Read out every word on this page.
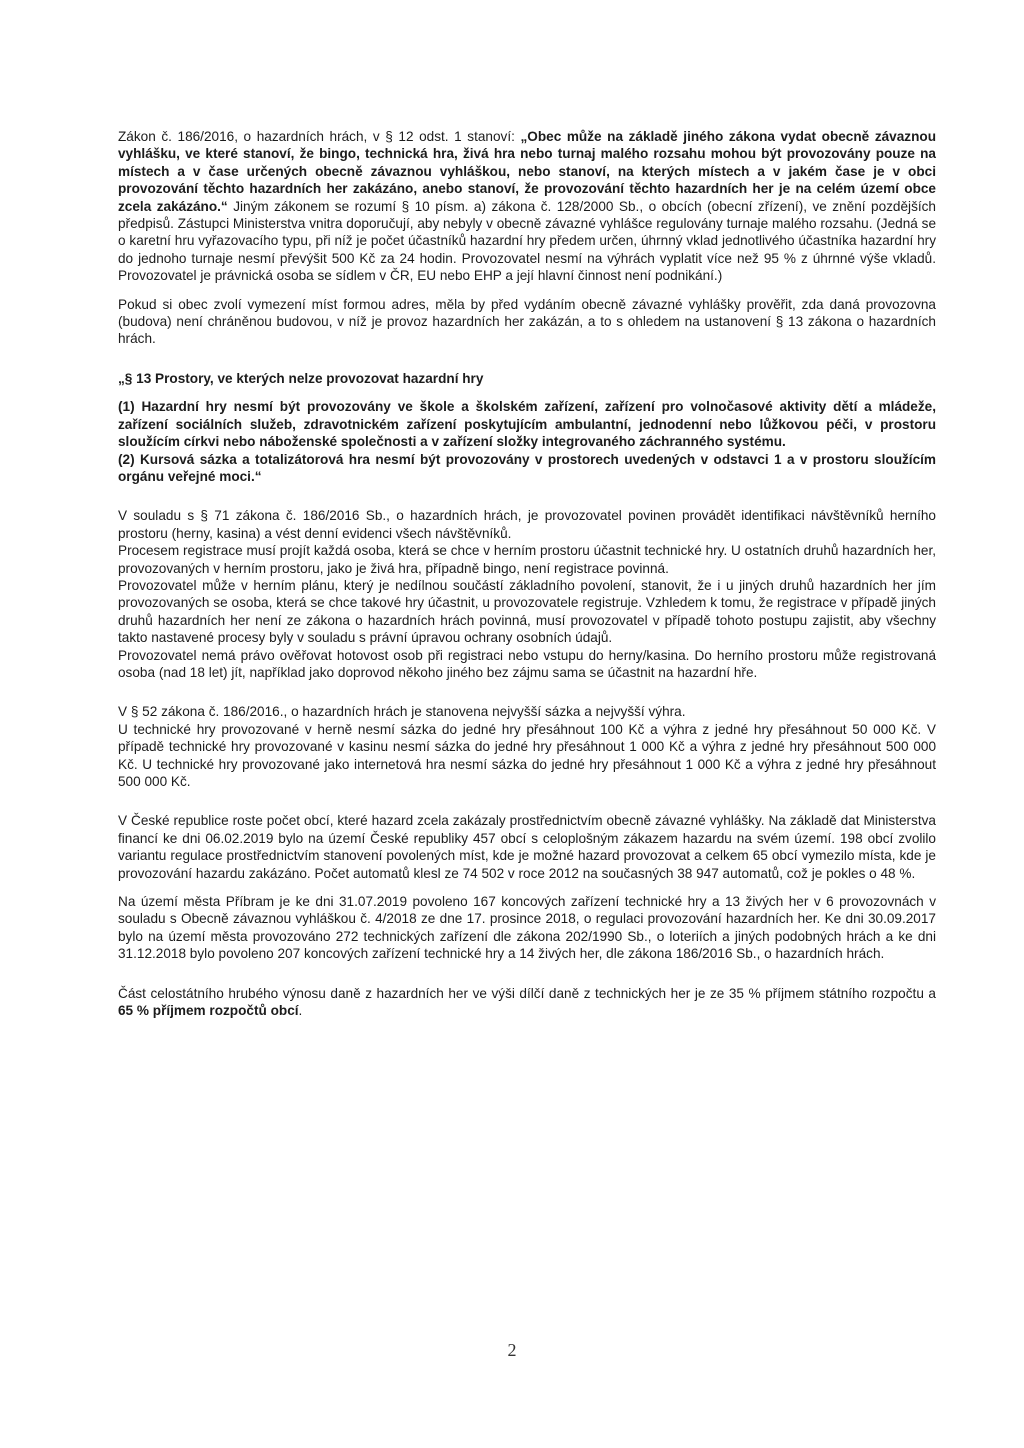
Zákon č. 186/2016, o hazardních hrách, v § 12 odst. 1 stanoví: „Obec může na základě jiného zákona vydat obecně závaznou vyhlášku, ve které stanoví, že bingo, technická hra, živá hra nebo turnaj malého rozsahu mohou být provozovány pouze na místech a v čase určených obecně závaznou vyhláškou, nebo stanoví, na kterých místech a v jakém čase je v obci provozování těchto hazardních her zakázáno, anebo stanoví, že provozování těchto hazardních her je na celém území obce zcela zakázáno.“ Jiným zákonem se rozumí § 10 písm. a) zákona č. 128/2000 Sb., o obcích (obecní zřízení), ve znění pozdějších předpisů. Zástupci Ministerstva vnitra doporučují, aby nebyly v obecně závazné vyhlášce regulovány turnaje malého rozsahu. (Jedná se o karetní hru vyřazovacího typu, při níž je počet účastníků hazardní hry předem určen, úhrnný vklad jednotlivého účastníka hazardní hry do jednoho turnaje nesmí převýšit 500 Kč za 24 hodin. Provozovatel nesmí na výhrách vyplatit více než 95 % z úhrnné výše vkladů. Provozovatel je právnická osoba se sídlem v ČR, EU nebo EHP a její hlavní činnost není podnikání.)

Pokud si obec zvolí vymezení míst formou adres, měla by před vydáním obecně závazné vyhlášky prověřit, zda daná provozovna (budova) není chráněnou budovou, v níž je provoz hazardních her zakázán, a to s ohledem na ustanovení § 13 zákona o hazardních hrách.

„§ 13 Prostory, ve kterých nelze provozovat hazardní hry

(1) Hazardní hry nesmí být provozovány ve škole a školském zařízení, zařízení pro volnočasové aktivity dětí a mládeže, zařízení sociálních služeb, zdravotnickém zařízení poskytujícím ambulantní, jednodenní nebo lůžkovou péči, v prostoru sloužícím církvi nebo náboženské společnosti a v zařízení složky integrovaného záchranného systému.

(2) Kursová sázka a totalizátorová hra nesmí být provozovány v prostorech uvedených v odstavci 1 a v prostoru sloužícím orgánu veřejné moci.“

V souladu s § 71 zákona č. 186/2016 Sb., o hazardních hrách, je provozovatel povinen provádět identifikaci návštěvníků herního prostoru (herny, kasina) a vést denní evidenci všech návštěvníků.

Procesem registrace musí projít každá osoba, která se chce v herním prostoru účastnit technické hry. U ostatních druhů hazardních her, provozovaných v herním prostoru, jako je živá hra, případně bingo, není registrace povinná.

Provozovatel může v herním plánu, který je nedílnou součástí základního povolení, stanovit, že i u jiných druhů hazardních her jím provozovaných se osoba, která se chce takové hry účastnit, u provozovatele registruje. Vzhledem k tomu, že registrace v případě jiných druhů hazardních her není ze zákona o hazardních hrách povinná, musí provozovatel v případě tohoto postupu zajistit, aby všechny takto nastavené procesy byly v souladu s právní úpravou ochrany osobních údajů.

Provozovatel nemá právo ověřovat hotovost osob při registraci nebo vstupu do herny/kasina. Do herního prostoru může registrovaná osoba (nad 18 let) jít, například jako doprovod někoho jiného bez zájmu sama se účastnit na hazardní hře.

V § 52 zákona č. 186/2016., o hazardních hrách je stanovena nejvyšší sázka a nejvyšší výhra.

U technické hry provozované v herně nesmí sázka do jedné hry přesáhnout 100 Kč a výhra z jedné hry přesáhnout 50 000 Kč. V případě technické hry provozované v kasinu nesmí sázka do jedné hry přesáhnout 1 000 Kč a výhra z jedné hry přesáhnout 500 000 Kč. U technické hry provozované jako internetová hra nesmí sázka do jedné hry přesáhnout 1 000 Kč a výhra z jedné hry přesáhnout 500 000 Kč.

V České republice roste počet obcí, které hazard zcela zakázaly prostřednictvím obecně závazné vyhlášky. Na základě dat Ministerstva financí ke dni 06.02.2019 bylo na území České republiky 457 obcí s celoplošným zákazem hazardu na svém území. 198 obcí zvolilo variantu regulace prostřednictvím stanovení povolených míst, kde je možné hazard provozovat a celkem 65 obcí vymezilo místa, kde je provozování hazardu zakázáno. Počet automatů klesl ze 74 502 v roce 2012 na současných 38 947 automatů, což je pokles o 48 %.

Na území města Příbram je ke dni 31.07.2019 povoleno 167 koncových zařízení technické hry a 13 živých her v 6 provozovnách v souladu s Obecně závaznou vyhláškou č. 4/2018 ze dne 17. prosince 2018, o regulaci provozování hazardních her. Ke dni 30.09.2017 bylo na území města provozováno 272 technických zařízení dle zákona 202/1990 Sb., o loteriích a jiných podobných hrách a ke dni 31.12.2018 bylo povoleno 207 koncových zařízení technické hry a 14 živých her, dle zákona 186/2016 Sb., o hazardních hrách.

Část celostátního hrubého výnosu daně z hazardních her ve výši dílčí daně z technických her je ze 35 % příjmem státního rozpočtu a 65 % příjmem rozpočtů obcí.

2
